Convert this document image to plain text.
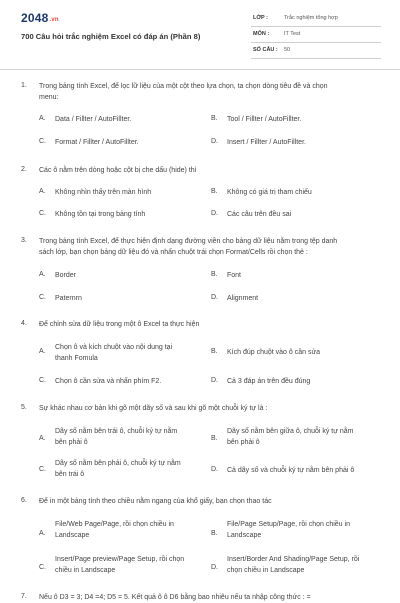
2048.vn
700 Câu hỏi trắc nghiệm Excel có đáp án (Phần 8)
LỚP :	Trắc nghiệm tổng hợp
MÔN :	IT Test
SỐ CÂU : 50
1. Trong bảng tính Excel, để lọc lữ liệu của một cột theo lựa chọn, ta chọn dòng tiêu đề và chọn
menu:
A. Data / Fillter / AutoFillter.	B. Tool / Fillter / AutoFillter.
C. Format / Fillter / AutoFillter.	D. Insert / Fillter / AutoFillter.
2. Các ô nằm trên dòng hoặc cột bị che dấu (hide) thì
A. Không nhìn thấy trên màn hình	B. Không có giá trị tham chiếu
C. Không tồn tại trong bảng tính	D. Các câu trên đều sai
3. Trong bảng tính Excel, để thực hiện định dạng đường viền cho bảng dữ liệu nằm trong tệp danh
sách lớp, bạn chọn bảng dữ liệu đó và nhấn chuột trái chọn Format/Cells rồi chọn thẻ :
A. Border	B. Font
C. Paternrn	D. Alignment
4. Để chỉnh sửa dữ liệu trong một ô Excel ta thực hiện
A.
Chọn ô và kích chuột vào nội dung tại
thanh Fomula
B. Kích đúp chuột vào ô cần sửa
C. Chọn ô cần sửa và nhấn phím F2.	D. Cả 3 đáp án trên đều đúng
5. Sự khác nhau cơ bản khi gõ một dãy số và sau khi gõ một chuỗi ký tự là :
A.
Dãy số nằm bên trái ô, chuỗi ký tự nằm
bên phải ô
B.
Dãy số nằm bên giữa ô, chuỗi ký tự nằm
bên phải ô
C.
Dãy số nằm bên phải ô, chuỗi ký tự nằm
bên trái ô
D. Cả dãy số và chuỗi ký tự nằm bên phải ô
6. Để in một bảng tính theo chiều nằm ngang của khổ giấy, bạn chọn thao tác
A.
File/Web Page/Page, rồi chọn chiều in
Landscape	B.
File/Page Setup/Page, rồi chọn chiều in
Landscape
C.
Insert/Page preview/Page Setup, rồi chọn
chiều in Landscape	D.
Insert/Border And Shading/Page Setup, rồi
chọn chiều in Landscape
7. Nếu ô D3 = 3; D4 =4; D5 = 5. Kết quả ô ô D6 bằng bao nhiêu nếu ta nhập công thức : =
